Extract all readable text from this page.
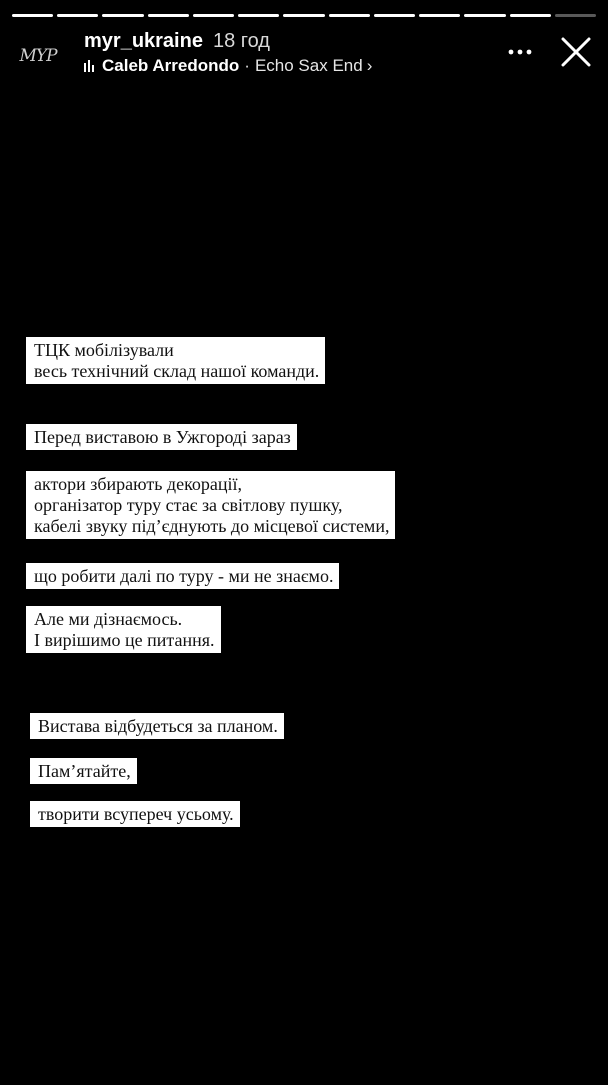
MYP
myr_ukraine 18 год
Caleb Arredondo · Echo Sax End ›
ТЦК мобілізували
весь технічний склад нашої команди.
Перед виставою в Ужгороді зараз
актори збирають декорації,
організатор туру стає за світлову пушку,
кабелі звуку під’єднують до місцевої системи,
що робити далі по туру - ми не знаємо.
Але ми дізнаємось.
І вирішимо це питання.
Вистава відбудеться за планом.
Пам’ятайте,
творити всупереч усьому.
